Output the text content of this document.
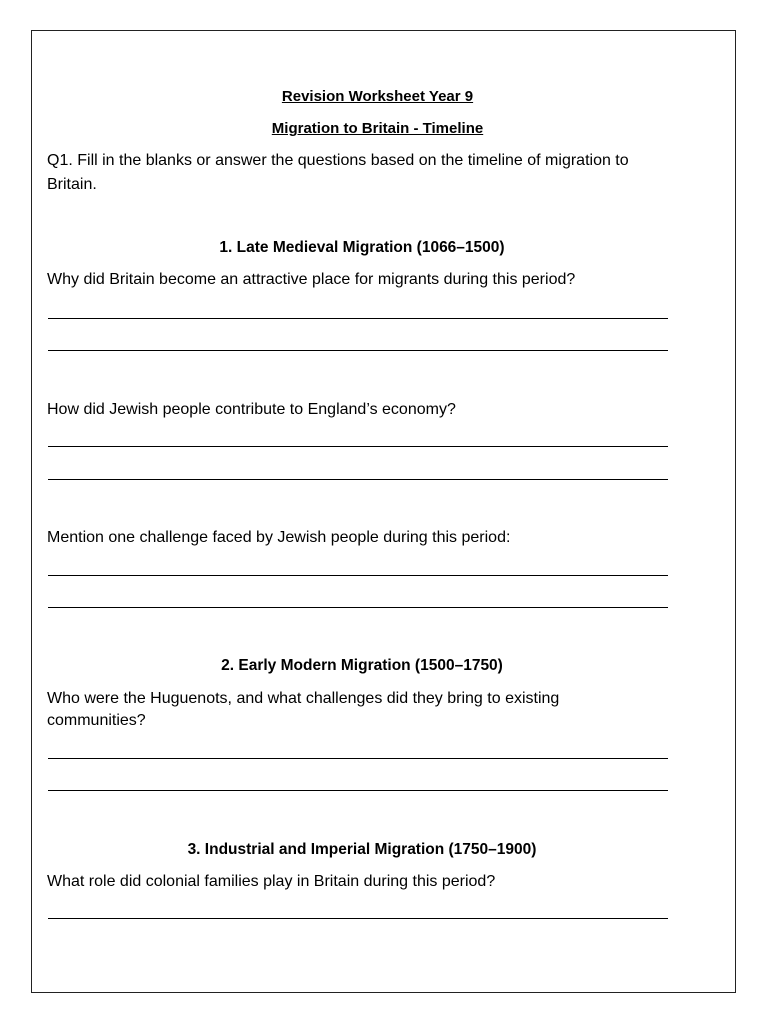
Revision Worksheet Year 9
Migration to Britain - Timeline
Q1. Fill in the blanks or answer the questions based on the timeline of migration to
Britain.
1. Late Medieval Migration (1066–1500)
Why did Britain become an attractive place for migrants during this period?
How did Jewish people contribute to England’s economy?
Mention one challenge faced by Jewish people during this period:
2. Early Modern Migration (1500–1750)
Who were the Huguenots, and what challenges did they bring to existing
communities?
3. Industrial and Imperial Migration (1750–1900)
What role did colonial families play in Britain during this period?
